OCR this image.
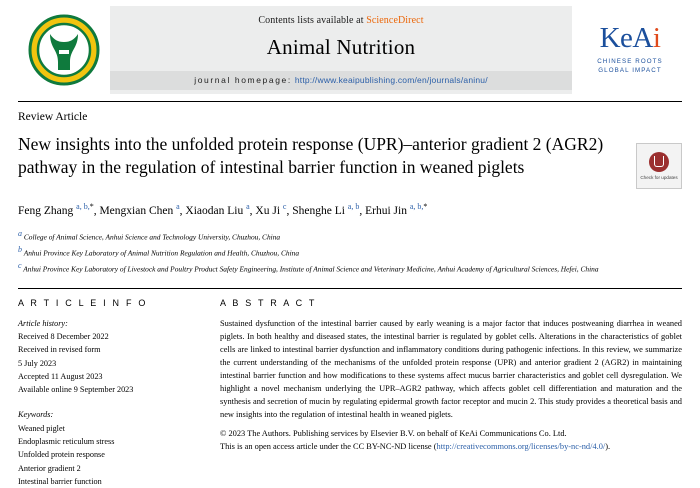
Contents lists available at ScienceDirect
Animal Nutrition
journal homepage: http://www.keaipublishing.com/en/journals/aninu/
KeAi
CHINESE ROOTS
GLOBAL IMPACT
Review Article
New insights into the unfolded protein response (UPR)–anterior gradient 2 (AGR2) pathway in the regulation of intestinal barrier function in weaned piglets
Check for updates
Feng Zhang $^{a, b,*}$, Mengxian Chen $^a$, Xiaodan Liu $^a$, Xu Ji $^c$, Shenghe Li $^{a, b}$, Erhui Jin $^{a, b,*}$
$^a$ College of Animal Science, Anhui Science and Technology University, Chuzhou, China
$^b$ Anhui Province Key Laboratory of Animal Nutrition Regulation and Health, Chuzhou, China
$^c$ Anhui Province Key Laboratory of Livestock and Poultry Product Safety Engineering, Institute of Animal Science and Veterinary Medicine, Anhui Academy of Agricultural Sciences, Hefei, China
A R T I C L E I N F O
Article history:
Received 8 December 2022
Received in revised form
5 July 2023
Accepted 11 August 2023
Available online 9 September 2023
Keywords:
Weaned piglet
Endoplasmic reticulum stress
Unfolded protein response
Anterior gradient 2
Intestinal barrier function
A B S T R A C T

Sustained dysfunction of the intestinal barrier caused by early weaning is a major factor that induces postweaning diarrhea in weaned piglets. In both healthy and diseased states, the intestinal barrier is regulated by goblet cells. Alterations in the characteristics of goblet cells are linked to intestinal barrier dysfunction and inflammatory conditions during pathogenic infections. In this review, we summarize the current understanding of the mechanisms of the unfolded protein response (UPR) and anterior gradient 2 (AGR2) in maintaining intestinal barrier function and how modifications to these systems affect mucus barrier characteristics and goblet cell dysregulation. We highlight a novel mechanism underlying the UPR–AGR2 pathway, which affects goblet cell differentiation and maturation and the synthesis and secretion of mucin by regulating epidermal growth factor receptor and mucin 2. This study provides a theoretical basis and new insights into the regulation of intestinal health in weaned piglets.

© 2023 The Authors. Publishing services by Elsevier B.V. on behalf of KeAi Communications Co. Ltd.
This is an open access article under the CC BY-NC-ND license (http://creativecommons.org/licenses/by-nc-nd/4.0/).
